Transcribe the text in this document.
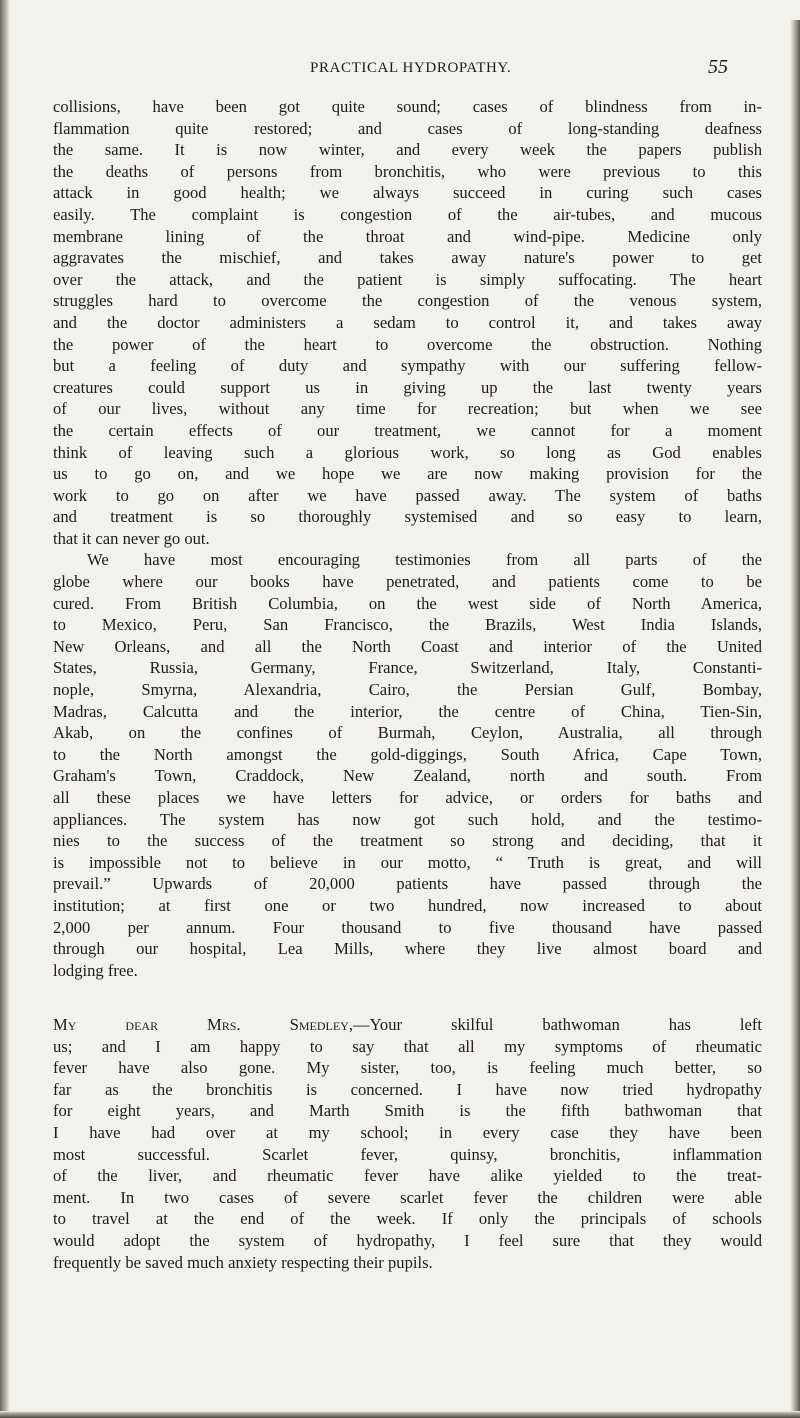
PRACTICAL HYDROPATHY.	55
collisions, have been got quite sound; cases of blindness from in-
flammation quite restored; and cases of long-standing deafness
the same. It is now winter, and every week the papers publish
the deaths of persons from bronchitis, who were previous to this
attack in good health; we always succeed in curing such cases
easily. The complaint is congestion of the air-tubes, and mucous
membrane lining of the throat and wind-pipe. Medicine only
aggravates the mischief, and takes away nature's power to get
over the attack, and the patient is simply suffocating. The heart
struggles hard to overcome the congestion of the venous system,
and the doctor administers a sedam to control it, and takes away
the power of the heart to overcome the obstruction. Nothing
but a feeling of duty and sympathy with our suffering fellow-
creatures could support us in giving up the last twenty years
of our lives, without any time for recreation; but when we see
the certain effects of our treatment, we cannot for a moment
think of leaving such a glorious work, so long as God enables
us to go on, and we hope we are now making provision for the
work to go on after we have passed away. The system of baths
and treatment is so thoroughly systemised and so easy to learn,
that it can never go out.
We have most encouraging testimonies from all parts of the
globe where our books have penetrated, and patients come to be
cured. From British Columbia, on the west side of North America,
to Mexico, Peru, San Francisco, the Brazils, West India Islands,
New Orleans, and all the North Coast and interior of the United
States, Russia, Germany, France, Switzerland, Italy, Constanti-
nople, Smyrna, Alexandria, Cairo, the Persian Gulf, Bombay,
Madras, Calcutta and the interior, the centre of China, Tien-Sin,
Akab, on the confines of Burmah, Ceylon, Australia, all through
to the North amongst the gold-diggings, South Africa, Cape Town,
Graham's Town, Craddock, New Zealand, north and south. From
all these places we have letters for advice, or orders for baths and
appliances. The system has now got such hold, and the testimo-
nies to the success of the treatment so strong and deciding, that it
is impossible not to believe in our motto, “ Truth is great, and will
prevail.” Upwards of 20,000 patients have passed through the
institution; at first one or two hundred, now increased to about
2,000 per annum. Four thousand to five thousand have passed
through our hospital, Lea Mills, where they live almost board and
lodging free.
My dear Mrs. Smedley,—Your skilful bathwoman has left
us; and I am happy to say that all my symptoms of rheumatic
fever have also gone. My sister, too, is feeling much better, so
far as the bronchitis is concerned. I have now tried hydropathy
for eight years, and Marth Smith is the fifth bathwoman that
I have had over at my school; in every case they have been
most successful. Scarlet fever, quinsy, bronchitis, inflammation
of the liver, and rheumatic fever have alike yielded to the treat-
ment. In two cases of severe scarlet fever the children were able
to travel at the end of the week. If only the principals of schools
would adopt the system of hydropathy, I feel sure that they would
frequently be saved much anxiety respecting their pupils.
